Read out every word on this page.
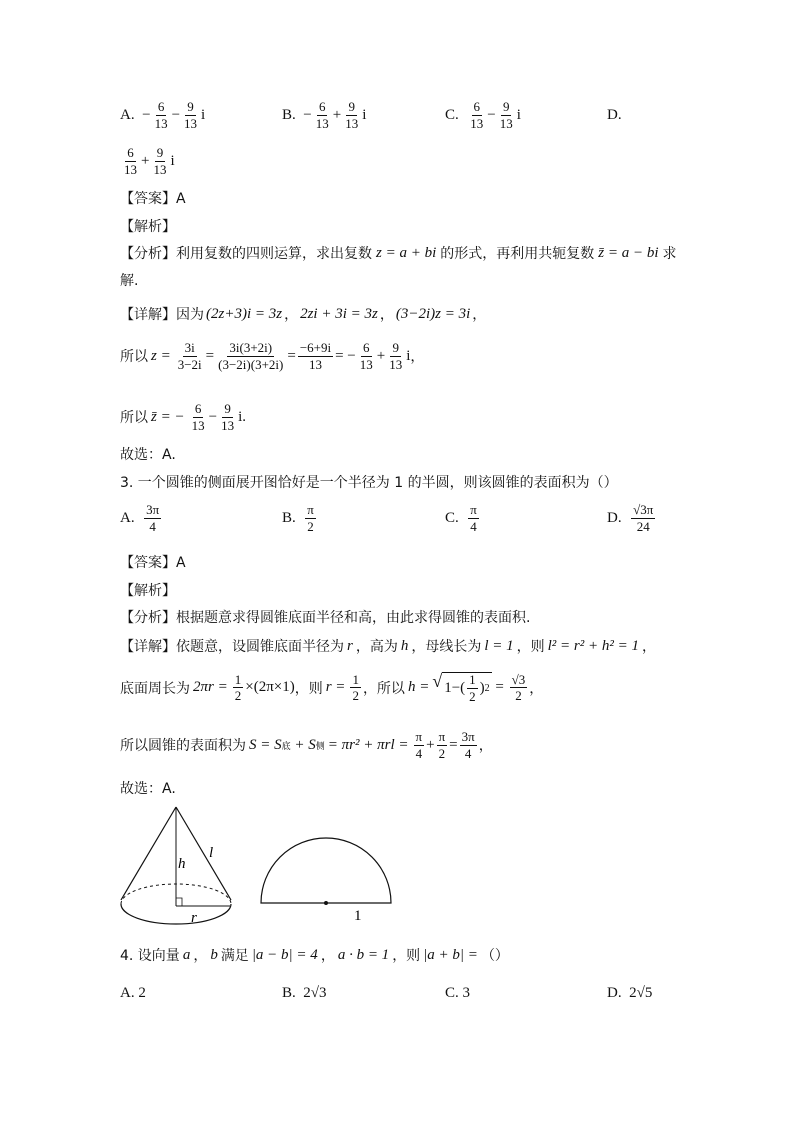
A.
− $\frac{6}{13} - \frac{9}{13}$ i	B.
− $\frac{6}{13} + \frac{9}{13}$ i	C.
$\frac{6}{13} - \frac{9}{13}$ i	D.
$\frac{6}{13} + \frac{9}{13}$ i
【答案】A
【解析】
【分析】 利用复数的四则运算，求出复数 z = a + bi 的形式，再利用共轭复数 z̄ = a − bi 求
解.
【详解】 因为 (2z+3)i = 3z ， 2zi + 3i = 3z ， (3−2i)z = 3i ，
所以 $z = \frac{3i}{3-2i} = \frac{3i(3+2i)}{(3-2i)(3+2i)} = \frac{-6+9i}{13}$ = − $\frac{6}{13} + \frac{9}{13}$ i ，
所以 z̄ = − $\frac{6}{13} - \frac{9}{13}$ i .
故选：A.
3. 一个圆锥的侧面展开图恰好是一个半径为 1 的半圆，则该圆锥的表面积为（）
A.
$\frac{3\pi}{4}$	B.
$\frac{\pi}{2}$	C.
$\frac{\pi}{4}$	D.
$\frac{√3\pi}{24}$
【答案】A
【解析】
【分析】根据题意求得圆锥底面半径和高，由此求得圆锥的表面积.
【详解】 依题意，设圆锥底面半径为 r ，高为 h ，母线长为 l = 1 ，则 l² = r² + h² = 1 ，
底面周长为 $2\pi r = \frac{1}{2} \times(2\pi\times 1)$ ，则 $r = \frac{1}{2}$ ，所以 h = √ 1− ( $\frac{1}{2}$ ) $2 = \frac{√3}{2}$ ，
所以圆锥的表面积为 S = S 底 + S 侧 = $\pi r^2 + \pi rl = \frac{\pi}{4} + \frac{\pi}{2} = \frac{3\pi}{4}$ ，
故选：A.
h
l
r	1
4. 设向量 a ， b 满足 |a − b| = 4 ， a · b = 1 ，则 |a + b| = （）
A. 2	B.
2√3	C. 3	D.
2√5
